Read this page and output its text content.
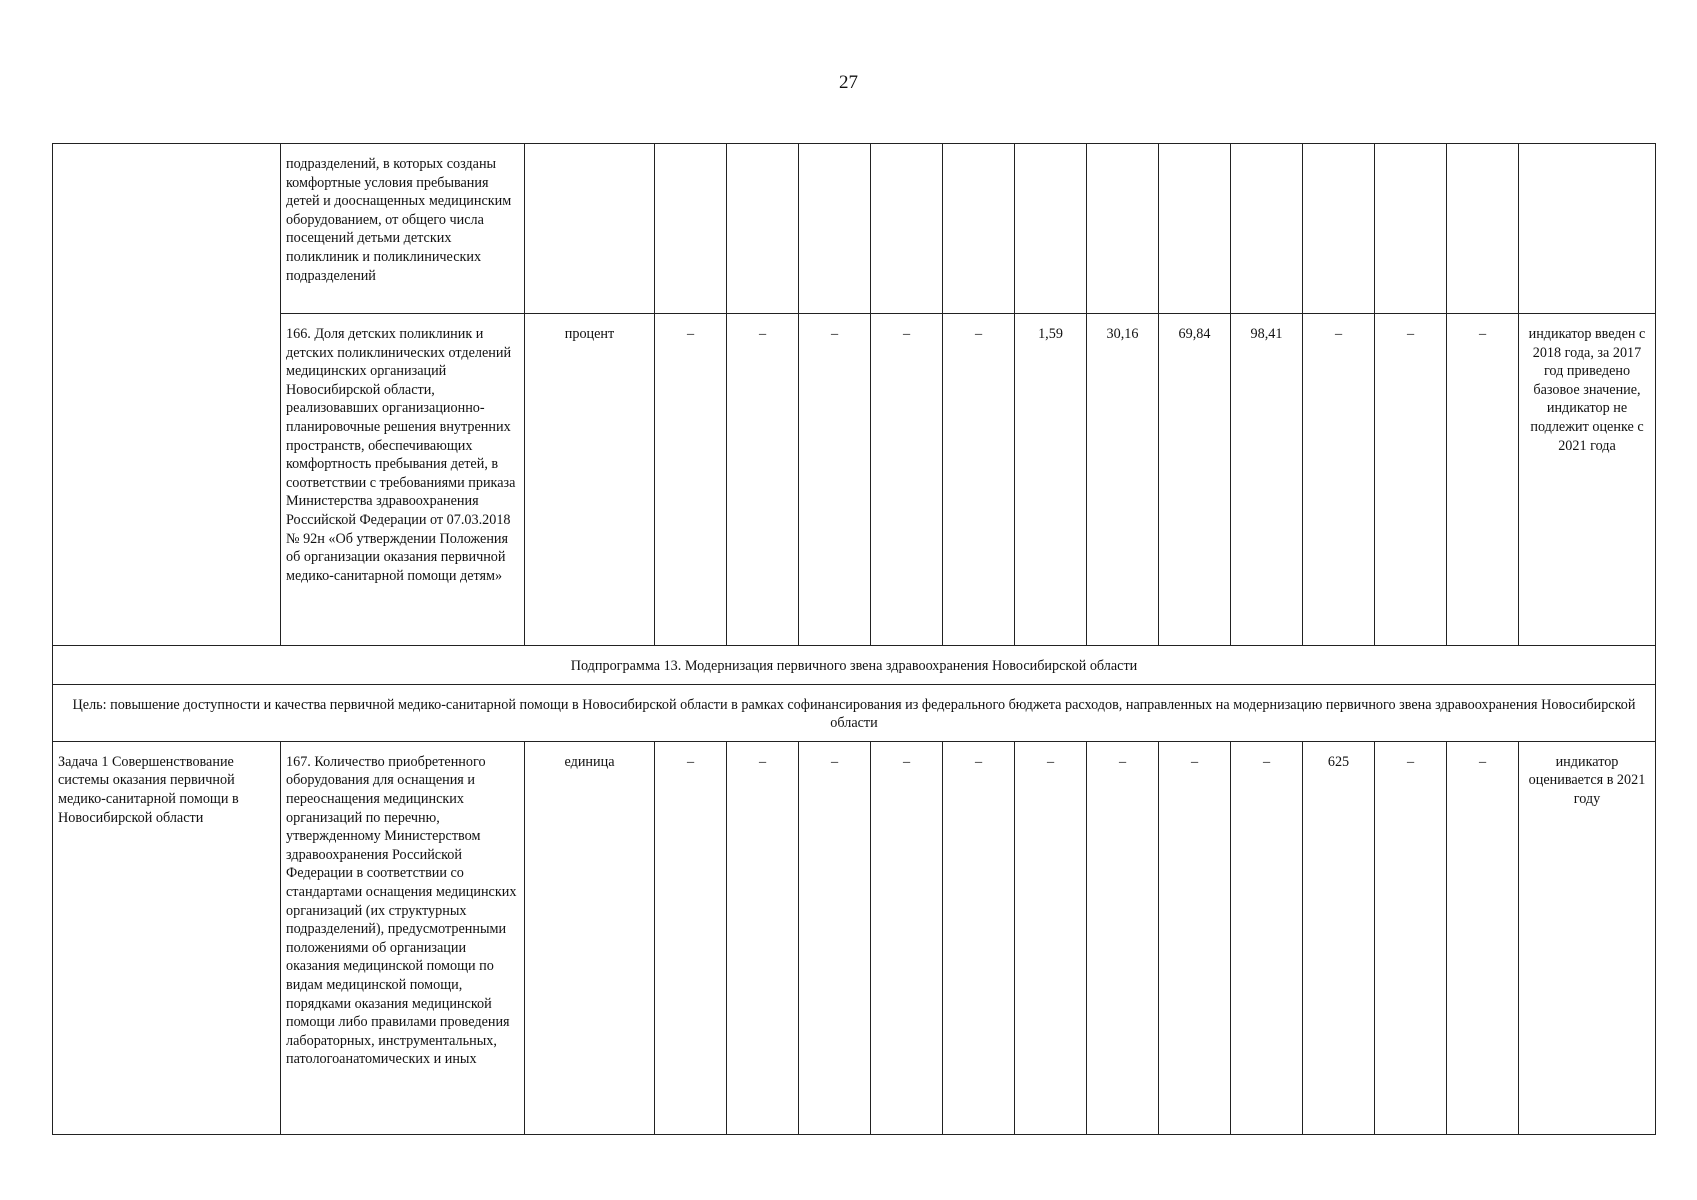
27

	подразделений, в которых созданы комфортные условия пребывания детей и дооснащенных медицинским оборудованием, от общего числа посещений детьми детских поликлиник и поликлинических подразделений														

	166. Доля детских поликлиник и детских поликлинических отделений медицинских организаций Новосибирской области, реализовавших организационно-планировочные решения внутренних пространств, обеспечивающих комфортность пребывания детей, в соответствии с требованиями приказа Министерства здравоохранения Российской Федерации от 07.03.2018 № 92н «Об утверждении Положения об организации оказания первичной медико-санитарной помощи детям»	процент	–	–	–	–	–	1,59	30,16	69,84	98,41	–	–	–	индикатор введен с 2018 года, за 2017 год приведено базовое значение, индикатор не подлежит оценке с 2021 года
Подпрограмма 13. Модернизация первичного звена здравоохранения Новосибирской области															
Цель: повышение доступности и качества первичной медико-санитарной помощи в Новосибирской области в рамках софинансирования из федерального бюджета расходов, направленных на модернизацию первичного звена здравоохранения Новосибирской области															
Задача 1 Совершенствование системы оказания первичной медико-санитарной помощи в Новосибирской области	167. Количество приобретенного оборудования для оснащения и переоснащения медицинских организаций по перечню, утвержденному Министерством здравоохранения Российской Федерации в соответствии со стандартами оснащения медицинских организаций (их структурных подразделений), предусмотренными положениями об организации оказания медицинской помощи по видам медицинской помощи, порядками оказания медицинской помощи либо правилами проведения лабораторных, инструментальных, патологоанатомических и иных	единица	–	–	–	–	–	–	–	–	–	625	–	–	индикатор оценивается в 2021 году
